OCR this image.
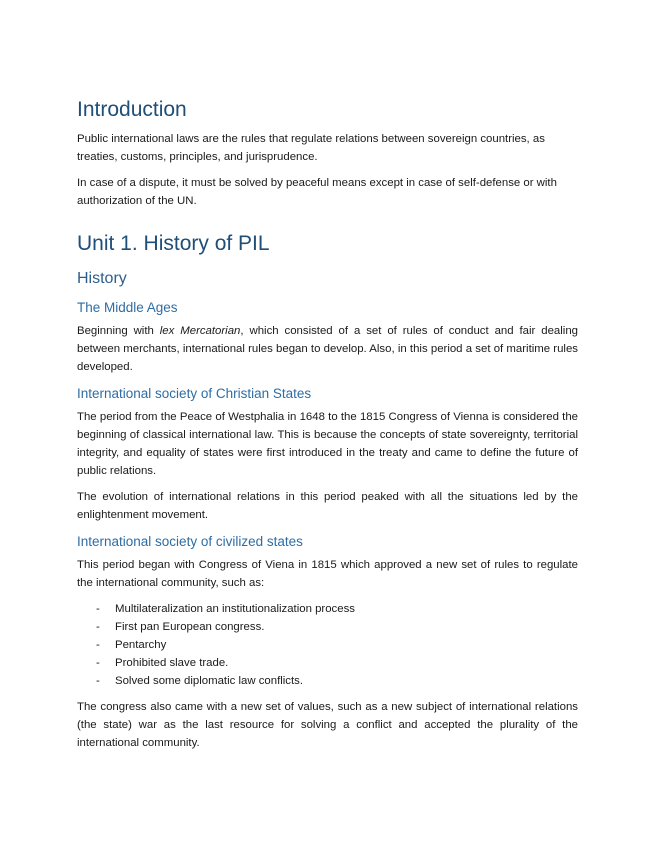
Introduction

Public international laws are the rules that regulate relations between sovereign countries, as treaties, customs, principles, and jurisprudence.

In case of a dispute, it must be solved by peaceful means except in case of self-defense or with authorization of the UN.

Unit 1. History of PIL
History
The Middle Ages

Beginning with lex Mercatorian, which consisted of a set of rules of conduct and fair dealing between merchants, international rules began to develop. Also, in this period a set of maritime rules developed.

International society of Christian States

The period from the Peace of Westphalia in 1648 to the 1815 Congress of Vienna is considered the beginning of classical international law. This is because the concepts of state sovereignty, territorial integrity, and equality of states were first introduced in the treaty and came to define the future of public relations.

The evolution of international relations in this period peaked with all the situations led by the enlightenment movement.

International society of civilized states

This period began with Congress of Viena in 1815 which approved a new set of rules to regulate the international community, such as:

- Multilateralization an institutionalization process
- First pan European congress.
- Pentarchy
- Prohibited slave trade.
- Solved some diplomatic law conflicts.

The congress also came with a new set of values, such as a new subject of international relations (the state) war as the last resource for solving a conflict and accepted the plurality of the international community.
